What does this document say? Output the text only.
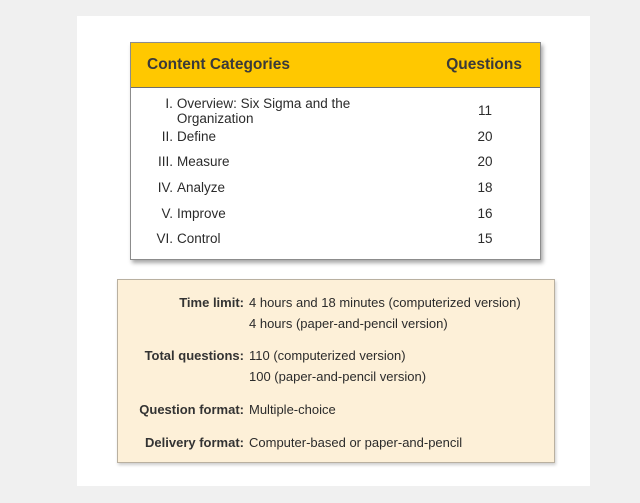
Content Categories	Questions
I. Overview: Six Sigma and the Organization	11
II. Define	20
III. Measure	20
IV. Analyze	18
V. Improve	16
VI. Control	15
Time limit: 4 hours and 18 minutes (computerized version)
4 hours (paper-and-pencil version)
Total questions: 110 (computerized version)
100 (paper-and-pencil version)
Question format: Multiple-choice
Delivery format: Computer-based or paper-and-pencil
